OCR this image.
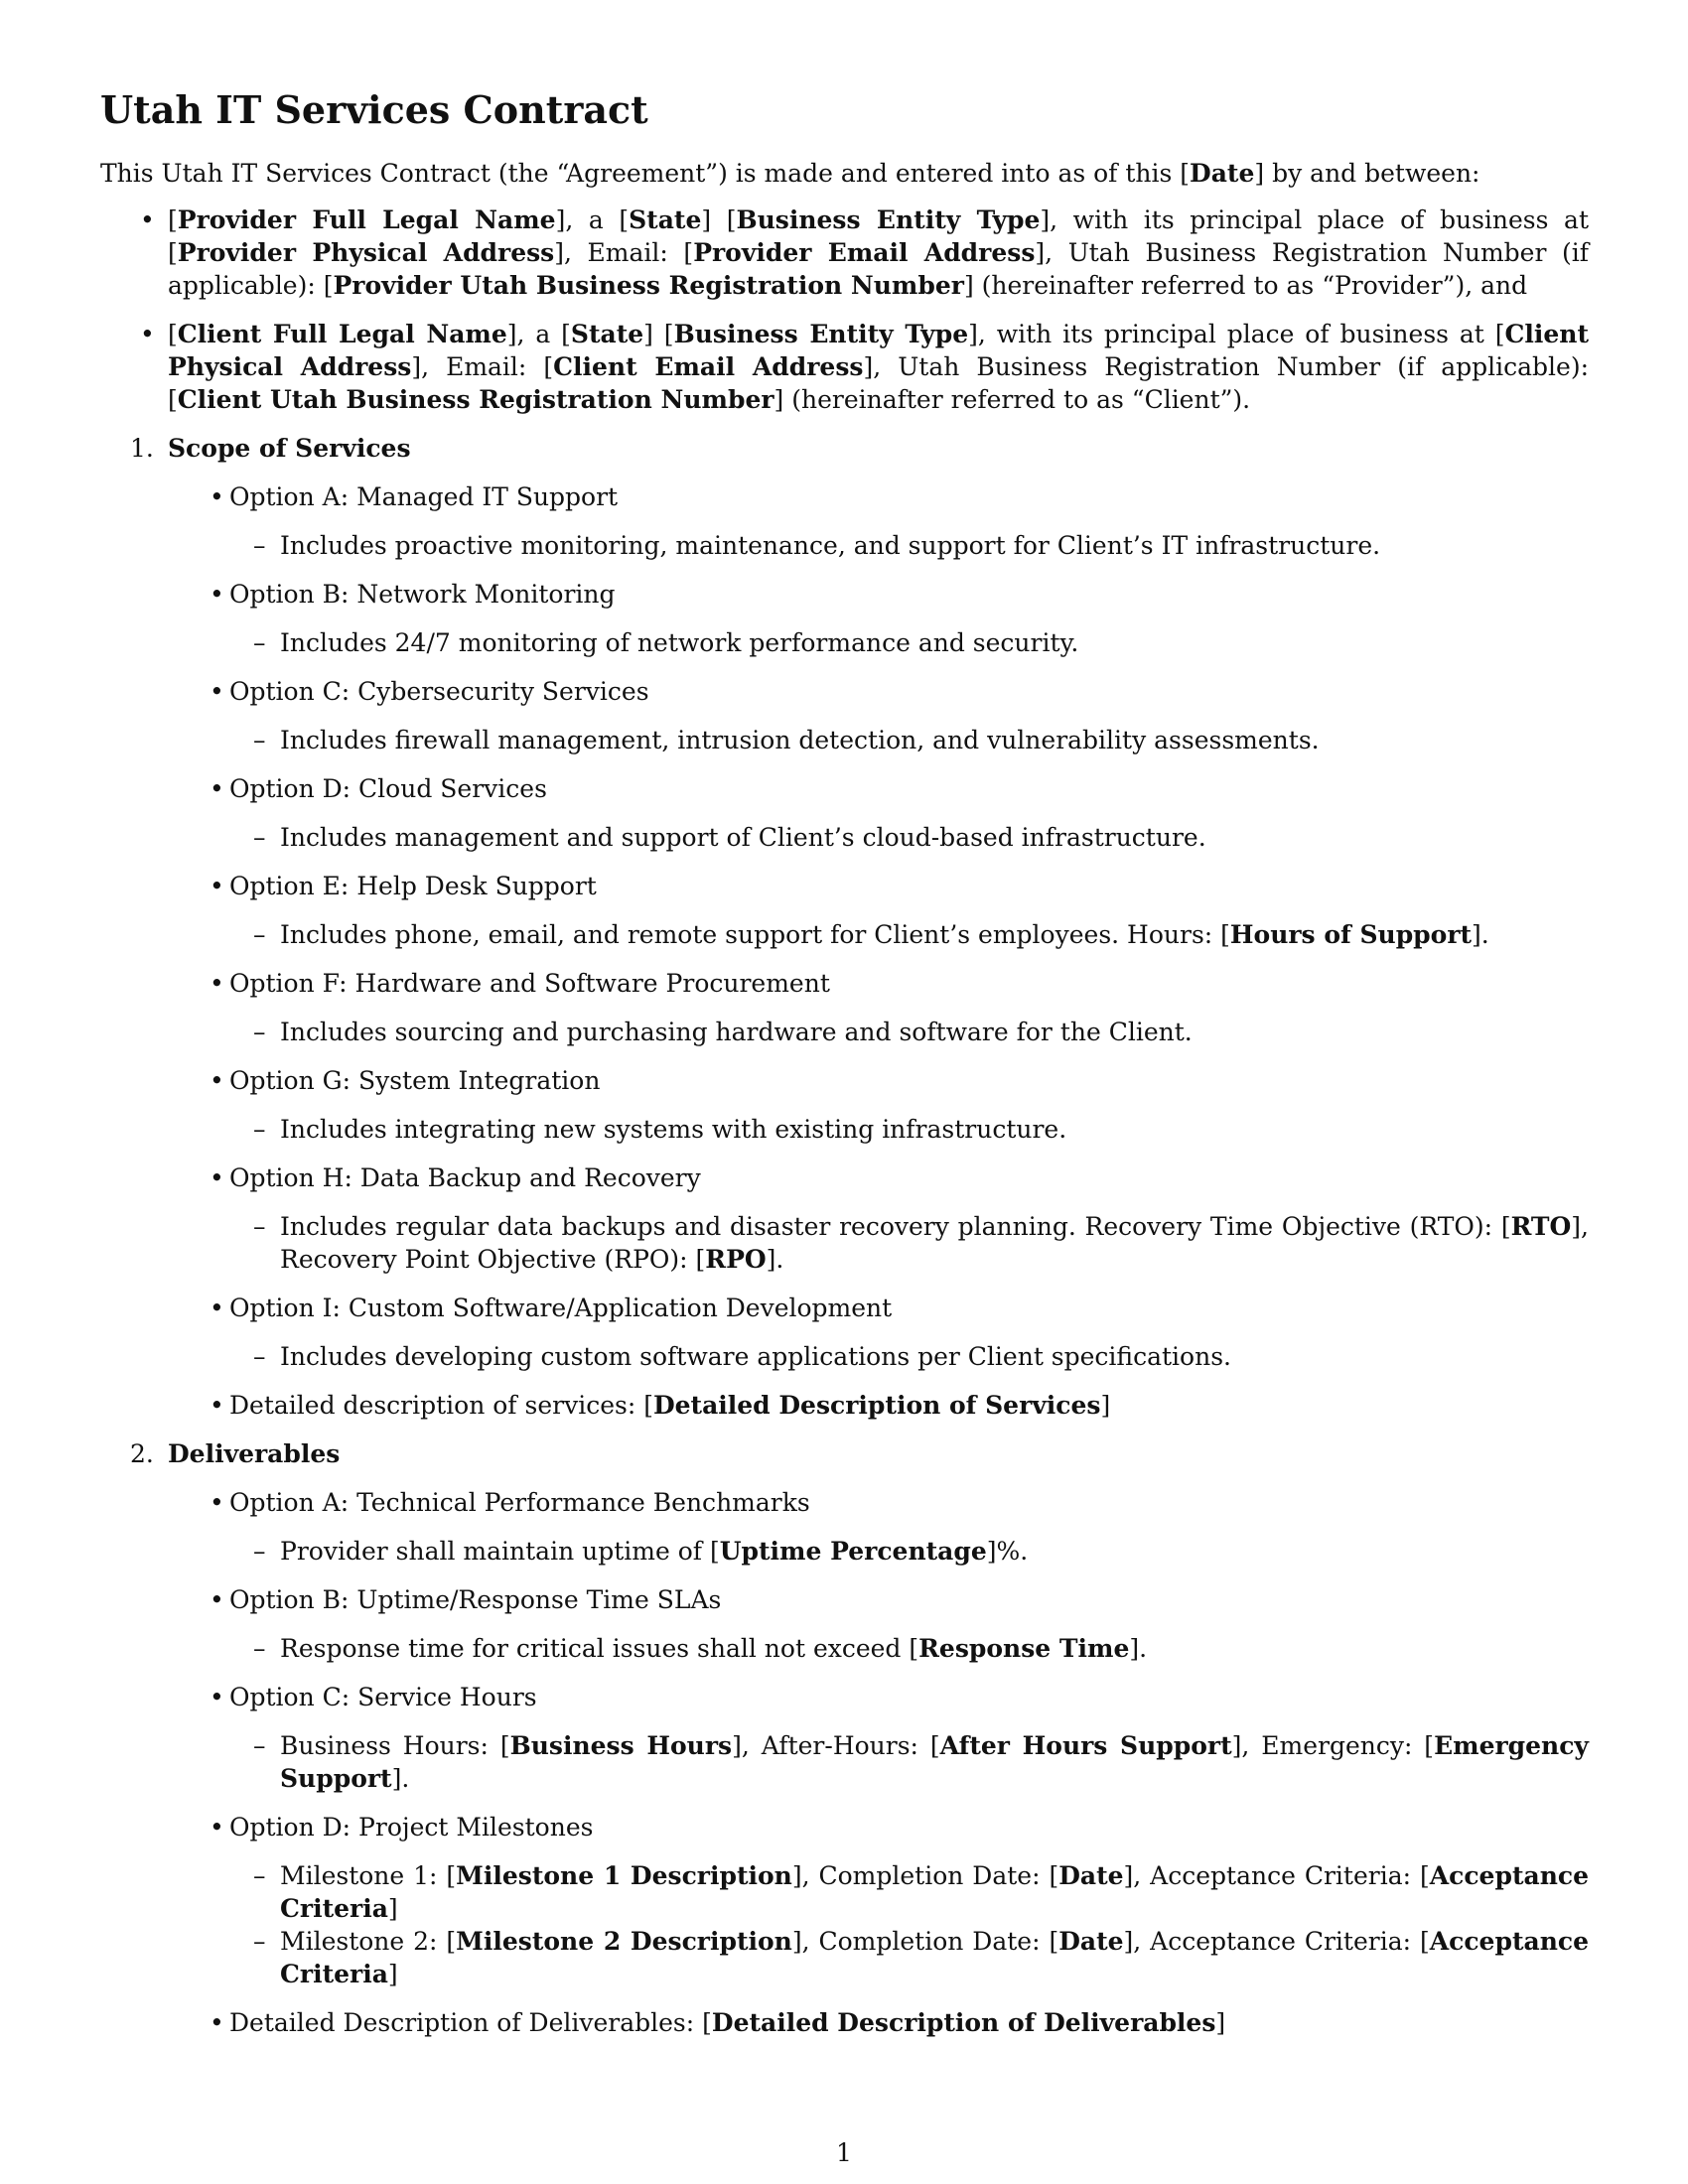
Utah IT Services Contract

This Utah IT Services Contract (the “Agreement”) is made and entered into as of this [Date] by and between:

• [Provider Full Legal Name], a [State] [Business Entity Type], with its principal place of business at [Provider Physical Address], Email: [Provider Email Address], Utah Business Registration Number (if applicable): [Provider Utah Business Registration Number] (hereinafter referred to as “Provider”), and
• [Client Full Legal Name], a [State] [Business Entity Type], with its principal place of business at [Client Physical Address], Email: [Client Email Address], Utah Business Registration Number (if applicable): [Client Utah Business Registration Number] (hereinafter referred to as “Client”).
1. Scope of Services
• Option A: Managed IT Support
– Includes proactive monitoring, maintenance, and support for Client’s IT infrastructure.
• Option B: Network Monitoring
– Includes 24/7 monitoring of network performance and security.
• Option C: Cybersecurity Services
– Includes firewall management, intrusion detection, and vulnerability assessments.
• Option D: Cloud Services
– Includes management and support of Client’s cloud-based infrastructure.
• Option E: Help Desk Support
– Includes phone, email, and remote support for Client’s employees. Hours: [Hours of Support].
• Option F: Hardware and Software Procurement
– Includes sourcing and purchasing hardware and software for the Client.
• Option G: System Integration
– Includes integrating new systems with existing infrastructure.
• Option H: Data Backup and Recovery
– Includes regular data backups and disaster recovery planning. Recovery Time Objective (RTO): [RTO], Recovery Point Objective (RPO): [RPO].
• Option I: Custom Software/Application Development
– Includes developing custom software applications per Client specifications.
• Detailed description of services: [Detailed Description of Services]
2. Deliverables
• Option A: Technical Performance Benchmarks
– Provider shall maintain uptime of [Uptime Percentage]%.
• Option B: Uptime/Response Time SLAs
– Response time for critical issues shall not exceed [Response Time].
• Option C: Service Hours
– Business Hours: [Business Hours], After-Hours: [After Hours Support], Emergency: [Emergency Support].
• Option D: Project Milestones
– Milestone 1: [Milestone 1 Description], Completion Date: [Date], Acceptance Criteria: [Acceptance Criteria]
– Milestone 2: [Milestone 2 Description], Completion Date: [Date], Acceptance Criteria: [Acceptance Criteria]
• Detailed Description of Deliverables: [Detailed Description of Deliverables]
1
